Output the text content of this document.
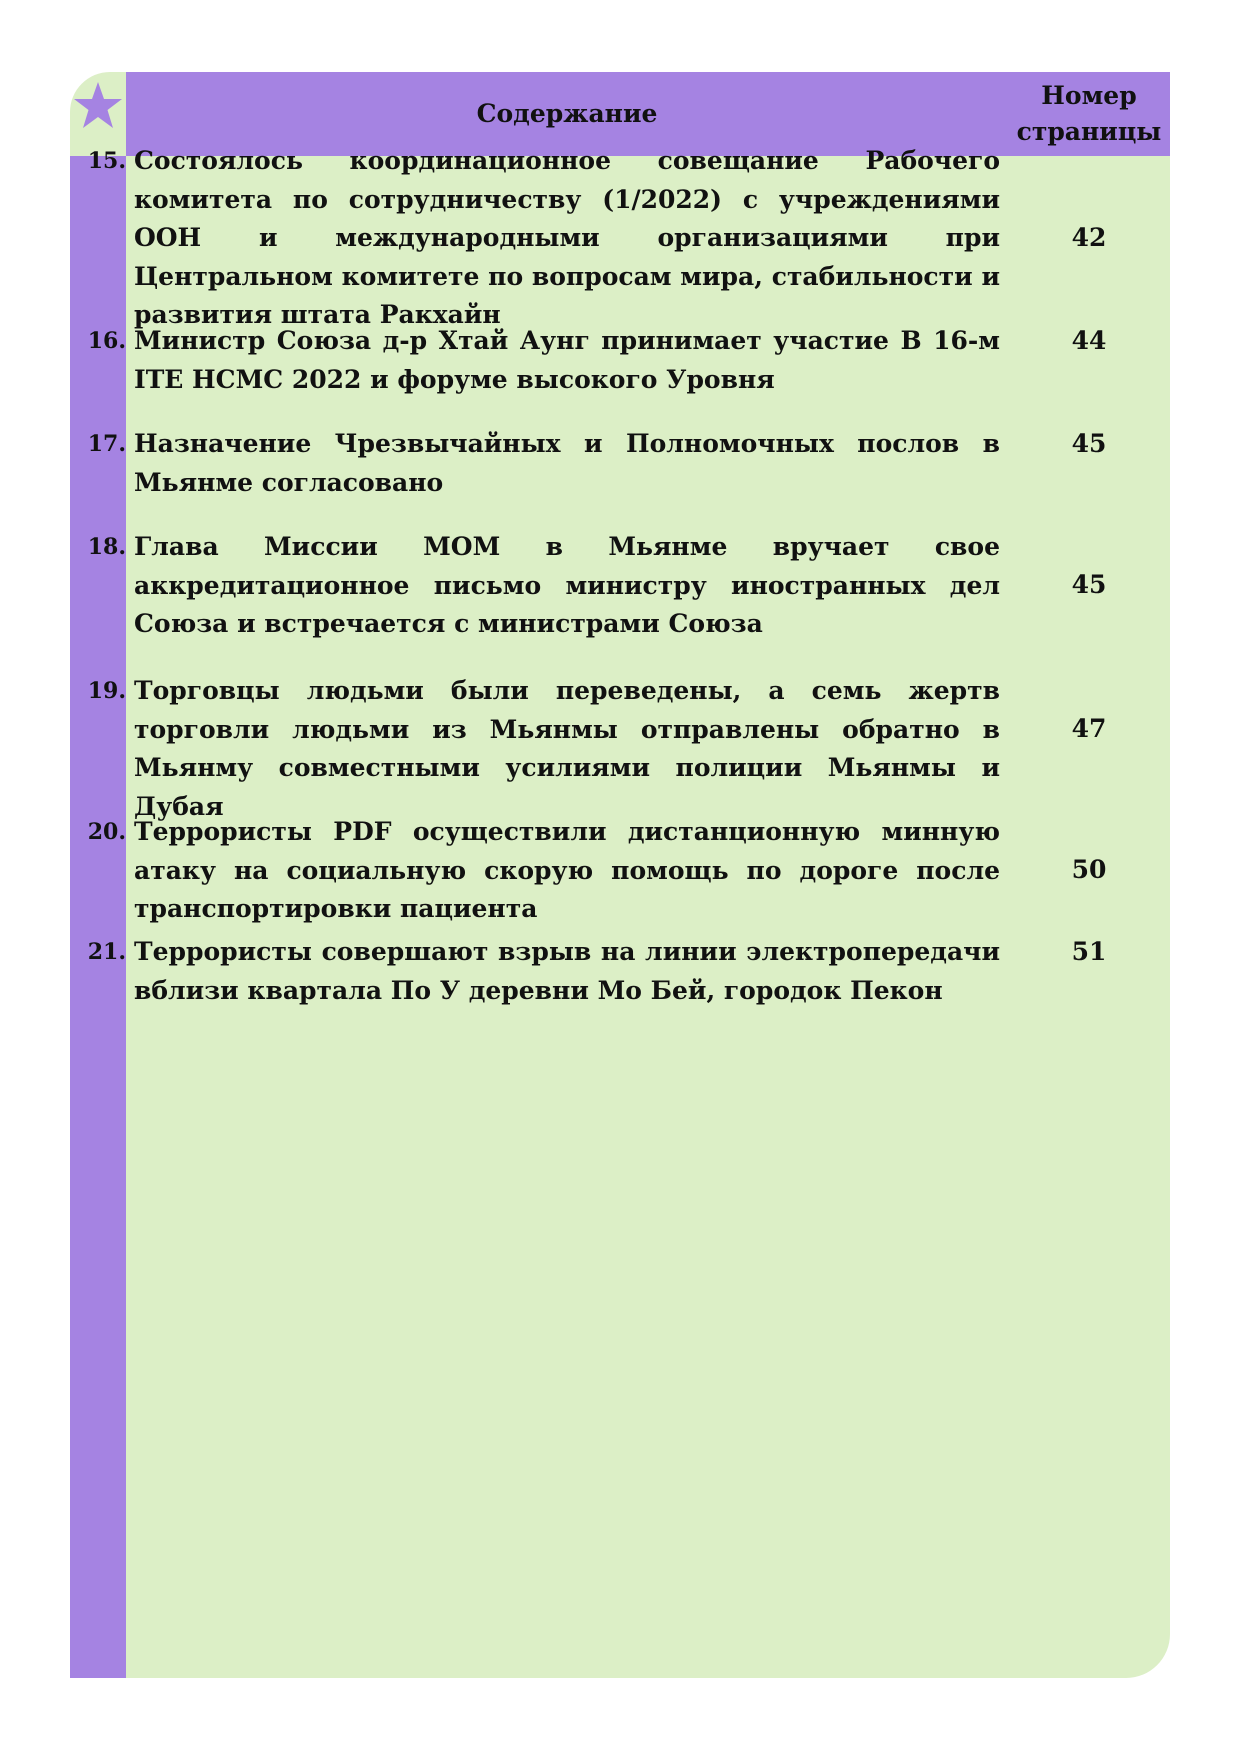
Содержание
Номер
страницы
15. Состоялось координационное совещание Рабочего комитета по сотрудничеству (1/2022) с учреждениями ООН и международными организациями при Центральном комитете по вопросам мира, стабильности и развития штата Ракхайн
42
16. Министр Союза д-р Хтай Аунг принимает участие В 16-м ITE HCMC 2022 и форуме высокого Уровня
44
17. Назначение Чрезвычайных и Полномочных послов в Мьянме согласовано
45
18. Глава Миссии МОМ в Мьянме вручает свое аккредитационное письмо министру иностранных дел Союза и встречается с министрами Союза
45
19. Торговцы людьми были переведены, а семь жертв торговли людьми из Мьянмы отправлены обратно в Мьянму совместными усилиями полиции Мьянмы и Дубая
47
20. Террористы PDF осуществили дистанционную минную атаку на социальную скорую помощь по дороге после транспортировки пациента
50
21. Террористы совершают взрыв на линии электропередачи вблизи квартала По У деревни Мо Бей, городок Пекон
51
